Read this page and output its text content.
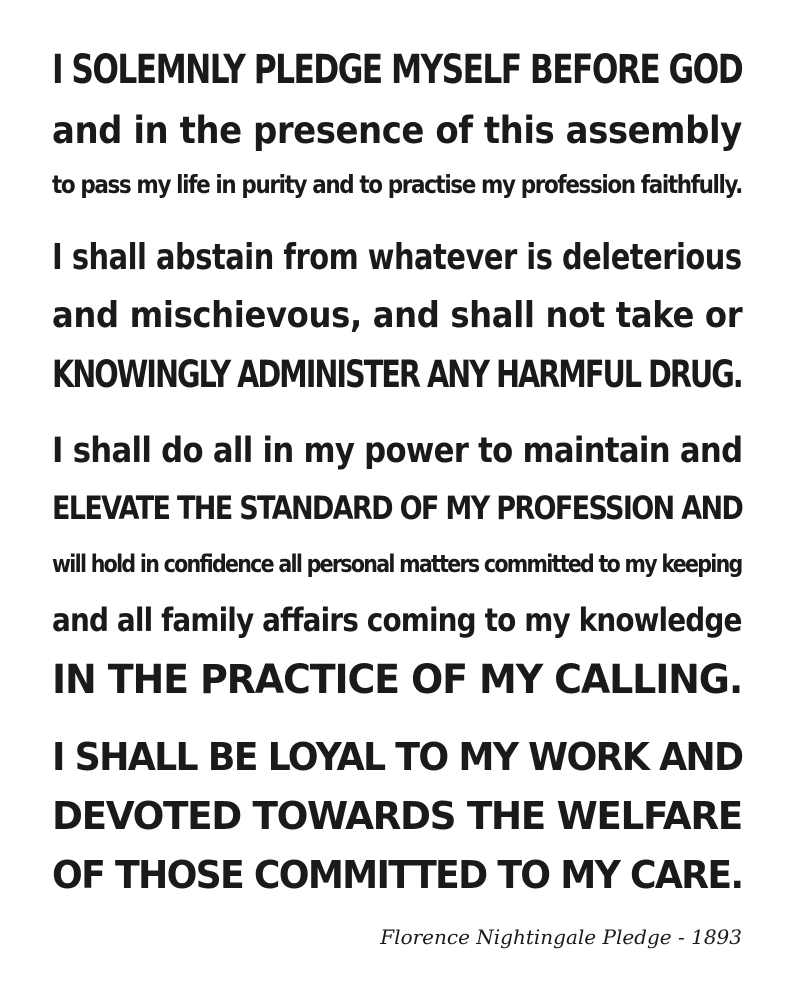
I SOLEMNLY PLEDGE MYSELF BEFORE GOD
and in the presence of this assembly
to pass my life in purity and to practise my profession faithfully.
I shall abstain from whatever is deleterious
and mischievous, and shall not take or
KNOWINGLY ADMINISTER ANY HARMFUL DRUG.
I shall do all in my power to maintain and
ELEVATE THE STANDARD OF MY PROFESSION AND
will hold in confidence all personal matters committed to my keeping
and all family affairs coming to my knowledge
IN THE PRACTICE OF MY CALLING.
I SHALL BE LOYAL TO MY WORK AND
DEVOTED TOWARDS THE WELFARE
OF THOSE COMMITTED TO MY CARE.
Florence Nightingale Pledge - 1893
